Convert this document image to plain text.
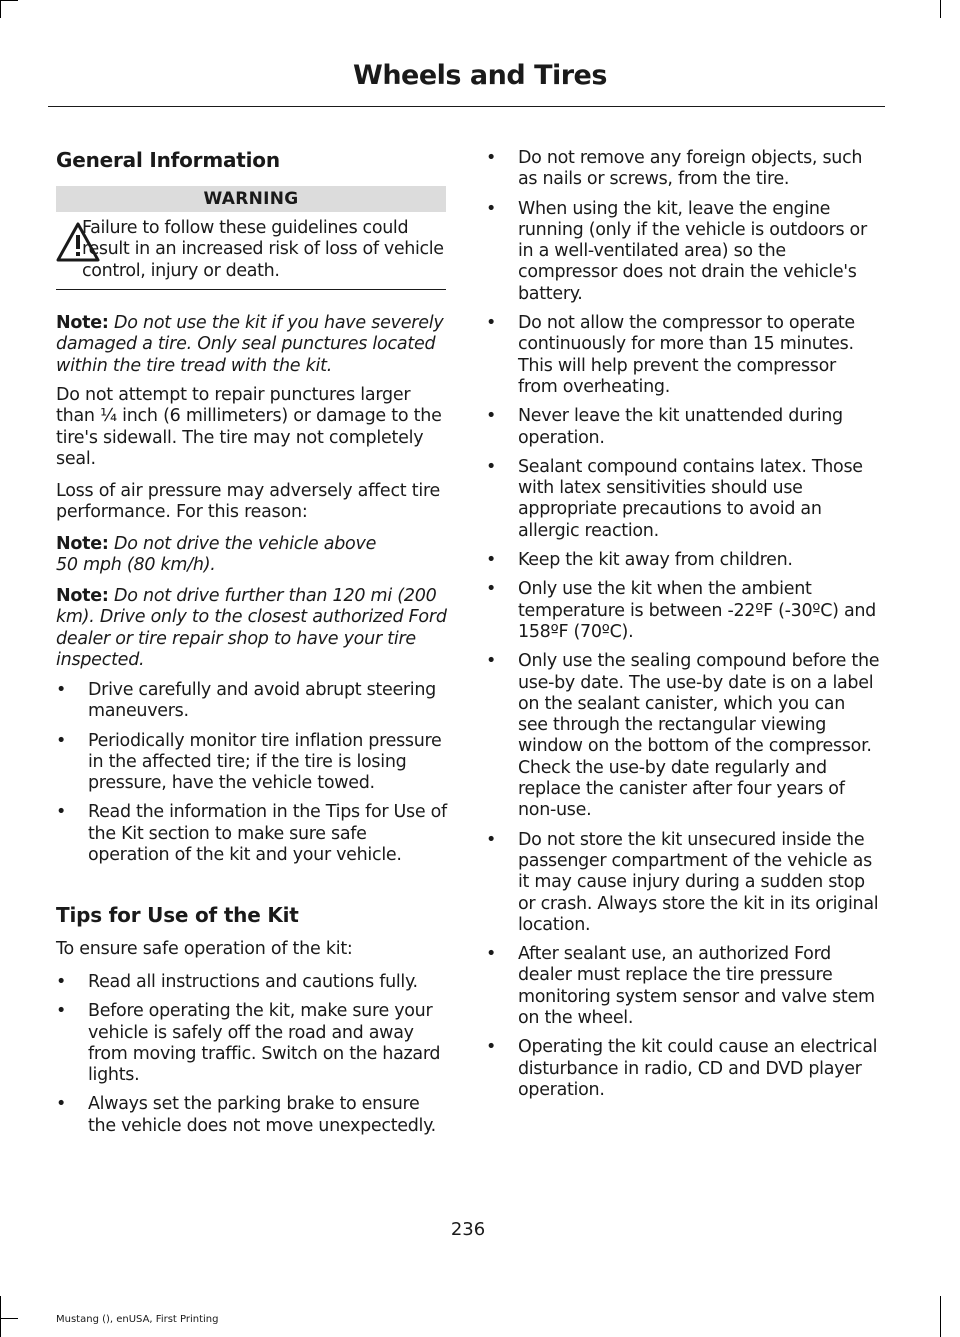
Wheels and Tires
General Information
WARNING
Failure to follow these guidelines could result in an increased risk of loss of vehicle control, injury or death.
Note: Do not use the kit if you have severely damaged a tire. Only seal punctures located within the tire tread with the kit.
Do not attempt to repair punctures larger than ¼ inch (6 millimeters) or damage to the tire's sidewall. The tire may not completely seal.
Loss of air pressure may adversely affect tire performance. For this reason:
Note: Do not drive the vehicle above 50 mph (80 km/h).
Note: Do not drive further than 120 mi (200 km). Drive only to the closest authorized Ford dealer or tire repair shop to have your tire inspected.
• Drive carefully and avoid abrupt steering maneuvers.
• Periodically monitor tire inflation pressure in the affected tire; if the tire is losing pressure, have the vehicle towed.
• Read the information in the Tips for Use of the Kit section to make sure safe operation of the kit and your vehicle.
Tips for Use of the Kit
To ensure safe operation of the kit:
• Read all instructions and cautions fully.
• Before operating the kit, make sure your vehicle is safely off the road and away from moving traffic. Switch on the hazard lights.
• Always set the parking brake to ensure the vehicle does not move unexpectedly.
• Do not remove any foreign objects, such as nails or screws, from the tire.
• When using the kit, leave the engine running (only if the vehicle is outdoors or in a well-ventilated area) so the compressor does not drain the vehicle's battery.
• Do not allow the compressor to operate continuously for more than 15 minutes. This will help prevent the compressor from overheating.
• Never leave the kit unattended during operation.
• Sealant compound contains latex. Those with latex sensitivities should use appropriate precautions to avoid an allergic reaction.
• Keep the kit away from children.
• Only use the kit when the ambient temperature is between -22ºF (-30ºC) and 158ºF (70ºC).
• Only use the sealing compound before the use-by date. The use-by date is on a label on the sealant canister, which you can see through the rectangular viewing window on the bottom of the compressor. Check the use-by date regularly and replace the canister after four years of non-use.
• Do not store the kit unsecured inside the passenger compartment of the vehicle as it may cause injury during a sudden stop or crash. Always store the kit in its original location.
• After sealant use, an authorized Ford dealer must replace the tire pressure monitoring system sensor and valve stem on the wheel.
• Operating the kit could cause an electrical disturbance in radio, CD and DVD player operation.
236
Mustang (), enUSA, First Printing
